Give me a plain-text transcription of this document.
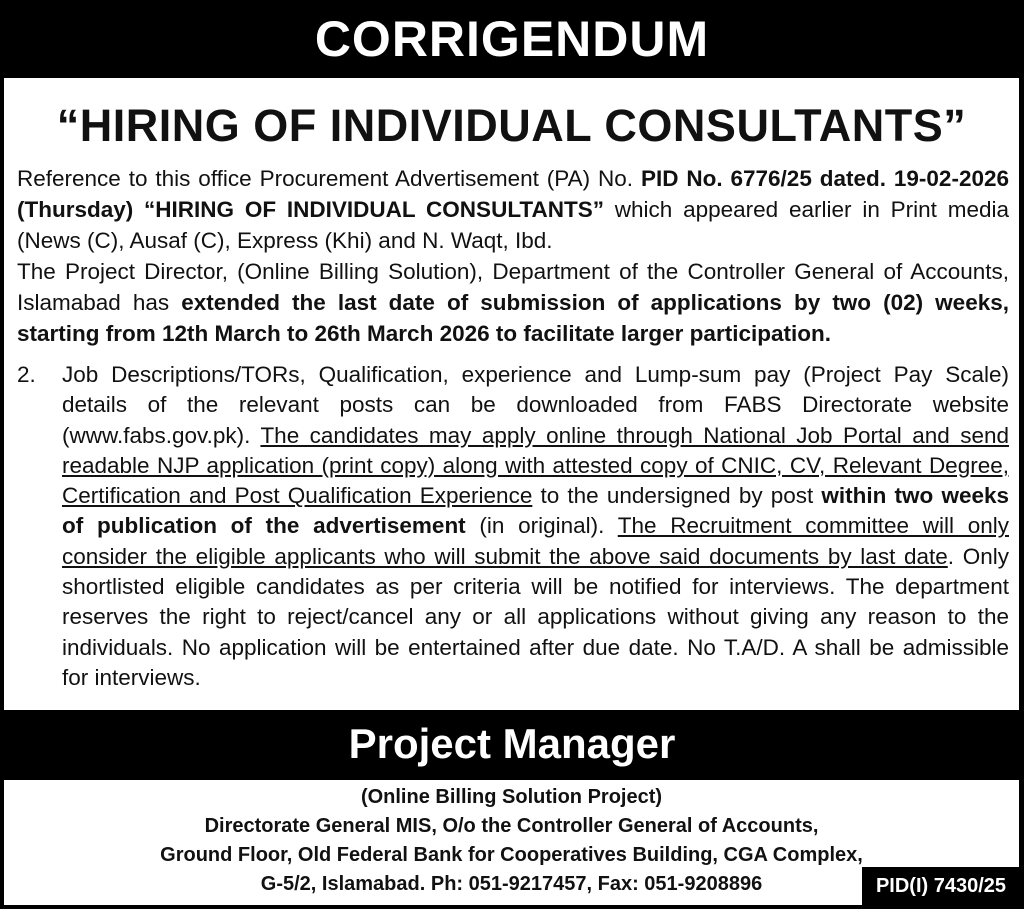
CORRIGENDUM
“HIRING OF INDIVIDUAL CONSULTANTS”
Reference to this office Procurement Advertisement (PA) No. PID No. 6776/25 dated. 19-02-2026 (Thursday) “HIRING OF INDIVIDUAL CONSULTANTS” which appeared earlier in Print media (News (C), Ausaf (C), Express (Khi) and N. Waqt, Ibd.
The Project Director, (Online Billing Solution), Department of the Controller General of Accounts, Islamabad has extended the last date of submission of applications by two (02) weeks, starting from 12th March to 26th March 2026 to facilitate larger participation.
2.	Job Descriptions/TORs, Qualification, experience and Lump-sum pay (Project Pay Scale) details of the relevant posts can be downloaded from FABS Directorate website (www.fabs.gov.pk). The candidates may apply online through National Job Portal and send readable NJP application (print copy) along with attested copy of CNIC, CV, Relevant Degree, Certification and Post Qualification Experience to the undersigned by post within two weeks of publication of the advertisement (in original). The Recruitment committee will only consider the eligible applicants who will submit the above said documents by last date. Only shortlisted eligible candidates as per criteria will be notified for interviews. The department reserves the right to reject/cancel any or all applications without giving any reason to the individuals. No application will be entertained after due date. No T.A/D. A shall be admissible for interviews.
Project Manager
(Online Billing Solution Project)
Directorate General MIS, O/o the Controller General of Accounts,
Ground Floor, Old Federal Bank for Cooperatives Building, CGA Complex,
G-5/2, Islamabad. Ph: 051-9217457, Fax: 051-9208896	PID(I) 7430/25
